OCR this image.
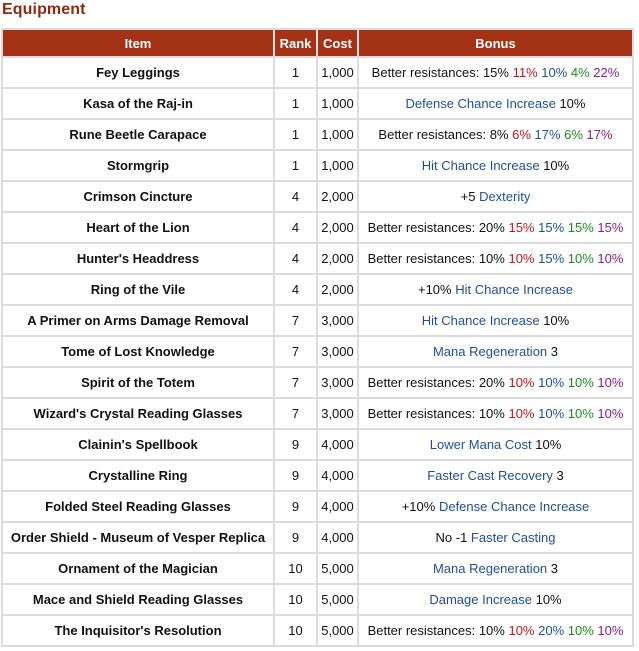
Equipment
Item	Rank	Cost	Bonus
Fey Leggings	1	1,000	Better resistances: 15% 11% 10% 4% 22%
Kasa of the Raj-in	1	1,000	Defense Chance Increase 10%
Rune Beetle Carapace	1	1,000	Better resistances: 8% 6% 17% 6% 17%
Stormgrip	1	1,000	Hit Chance Increase 10%
Crimson Cincture	4	2,000	+5 Dexterity
Heart of the Lion	4	2,000	Better resistances: 20% 15% 15% 15% 15%
Hunter's Headdress	4	2,000	Better resistances: 10% 10% 15% 10% 10%
Ring of the Vile	4	2,000	+10% Hit Chance Increase
A Primer on Arms Damage Removal	7	3,000	Hit Chance Increase 10%
Tome of Lost Knowledge	7	3,000	Mana Regeneration 3
Spirit of the Totem	7	3,000	Better resistances: 20% 10% 10% 10% 10%
Wizard's Crystal Reading Glasses	7	3,000	Better resistances: 10% 10% 10% 10% 10%
Clainin's Spellbook	9	4,000	Lower Mana Cost 10%
Crystalline Ring	9	4,000	Faster Cast Recovery 3
Folded Steel Reading Glasses	9	4,000	+10% Defense Chance Increase
Order Shield - Museum of Vesper Replica	9	4,000	No -1 Faster Casting
Ornament of the Magician	10	5,000	Mana Regeneration 3
Mace and Shield Reading Glasses	10	5,000	Damage Increase 10%
The Inquisitor's Resolution	10	5,000	Better resistances: 10% 10% 20% 10% 10%
